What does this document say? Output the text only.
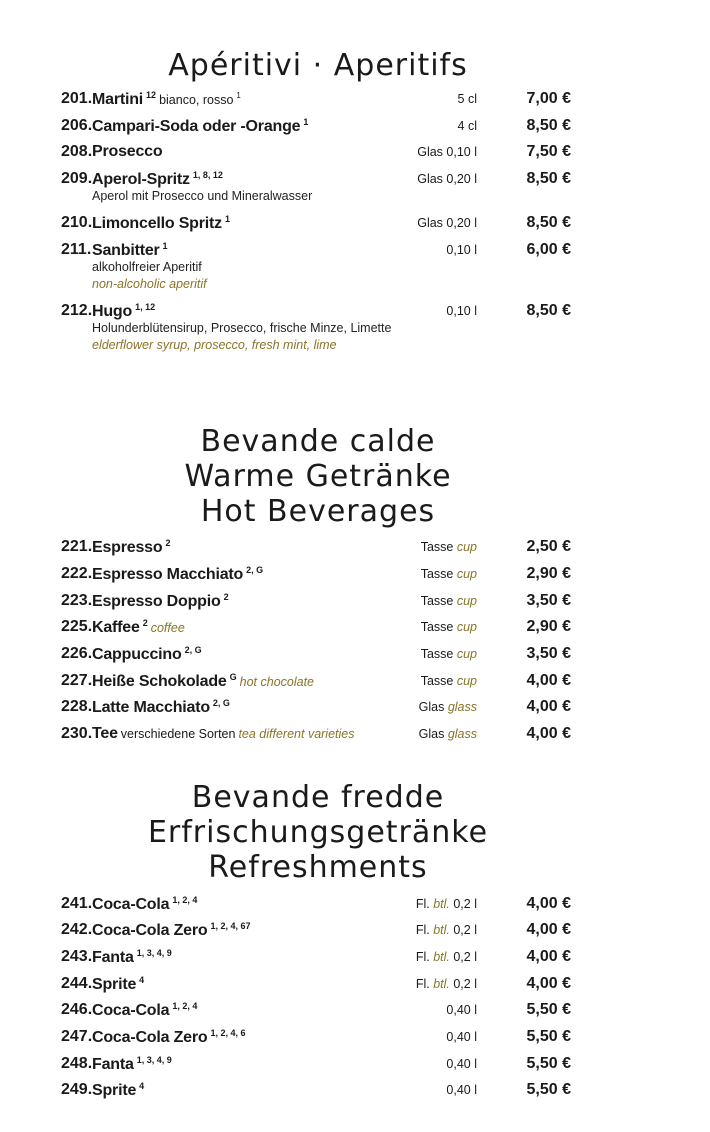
Apéritivi · Aperitifs
201. Martini $^{12}$ bianco, rosso $^1$	5 cl	7,00 €
206. Campari-Soda oder -Orange $^1$	4 cl	8,50 €
208. Prosecco	Glas 0,10 l	7,50 €
209. Aperol-Spritz $^{1, 8, 12}$
Aperol mit Prosecco und Mineralwasser
Glas 0,20 l	8,50 €
210. Limoncello Spritz $^1$	Glas 0,20 l	8,50 €
211. Sanbitter $^1$
alkoholfreier Aperitif
non-alcoholic aperitif
0,10 l	6,00 €
212. Hugo $^{1, 12}$
Holunderblütensirup, Prosecco, frische Minze, Limette
elderflower syrup, prosecco, fresh mint, lime
0,10 l	8,50 €
Bevande calde
Warme Getränke
Hot Beverages
221. Espresso $^2$	Tasse cup	2,50 €
222. Espresso Macchiato $^{2, G}$	Tasse cup	2,90 €
223. Espresso Doppio $^2$	Tasse cup	3,50 €
225. Kaffee $^2$ coffee	Tasse cup	2,90 €
226. Cappuccino $^{2, G}$	Tasse cup	3,50 €
227. Heiße Schokolade $^G$ hot chocolate	Tasse cup	4,00 €
228. Latte Macchiato $^{2, G}$	Glas glass	4,00 €
230. Tee verschiedene Sorten tea different varieties	Glas glass	4,00 €
Bevande fredde
Erfrischungsgetränke
Refreshments
241. Coca-Cola $^{1, 2, 4}$	Fl. btl. 0,2 l	4,00 €
242. Coca-Cola Zero $^{1, 2, 4, 67}$	Fl. btl. 0,2 l	4,00 €
243. Fanta $^{1, 3, 4, 9}$	Fl. btl. 0,2 l	4,00 €
244. Sprite $^4$	Fl. btl. 0,2 l	4,00 €
246. Coca-Cola $^{1, 2, 4}$	0,40 l	5,50 €
247. Coca-Cola Zero $^{1, 2, 4, 6}$	0,40 l	5,50 €
248. Fanta $^{1, 3, 4, 9}$	0,40 l	5,50 €
249. Sprite $^4$	0,40 l	5,50 €
